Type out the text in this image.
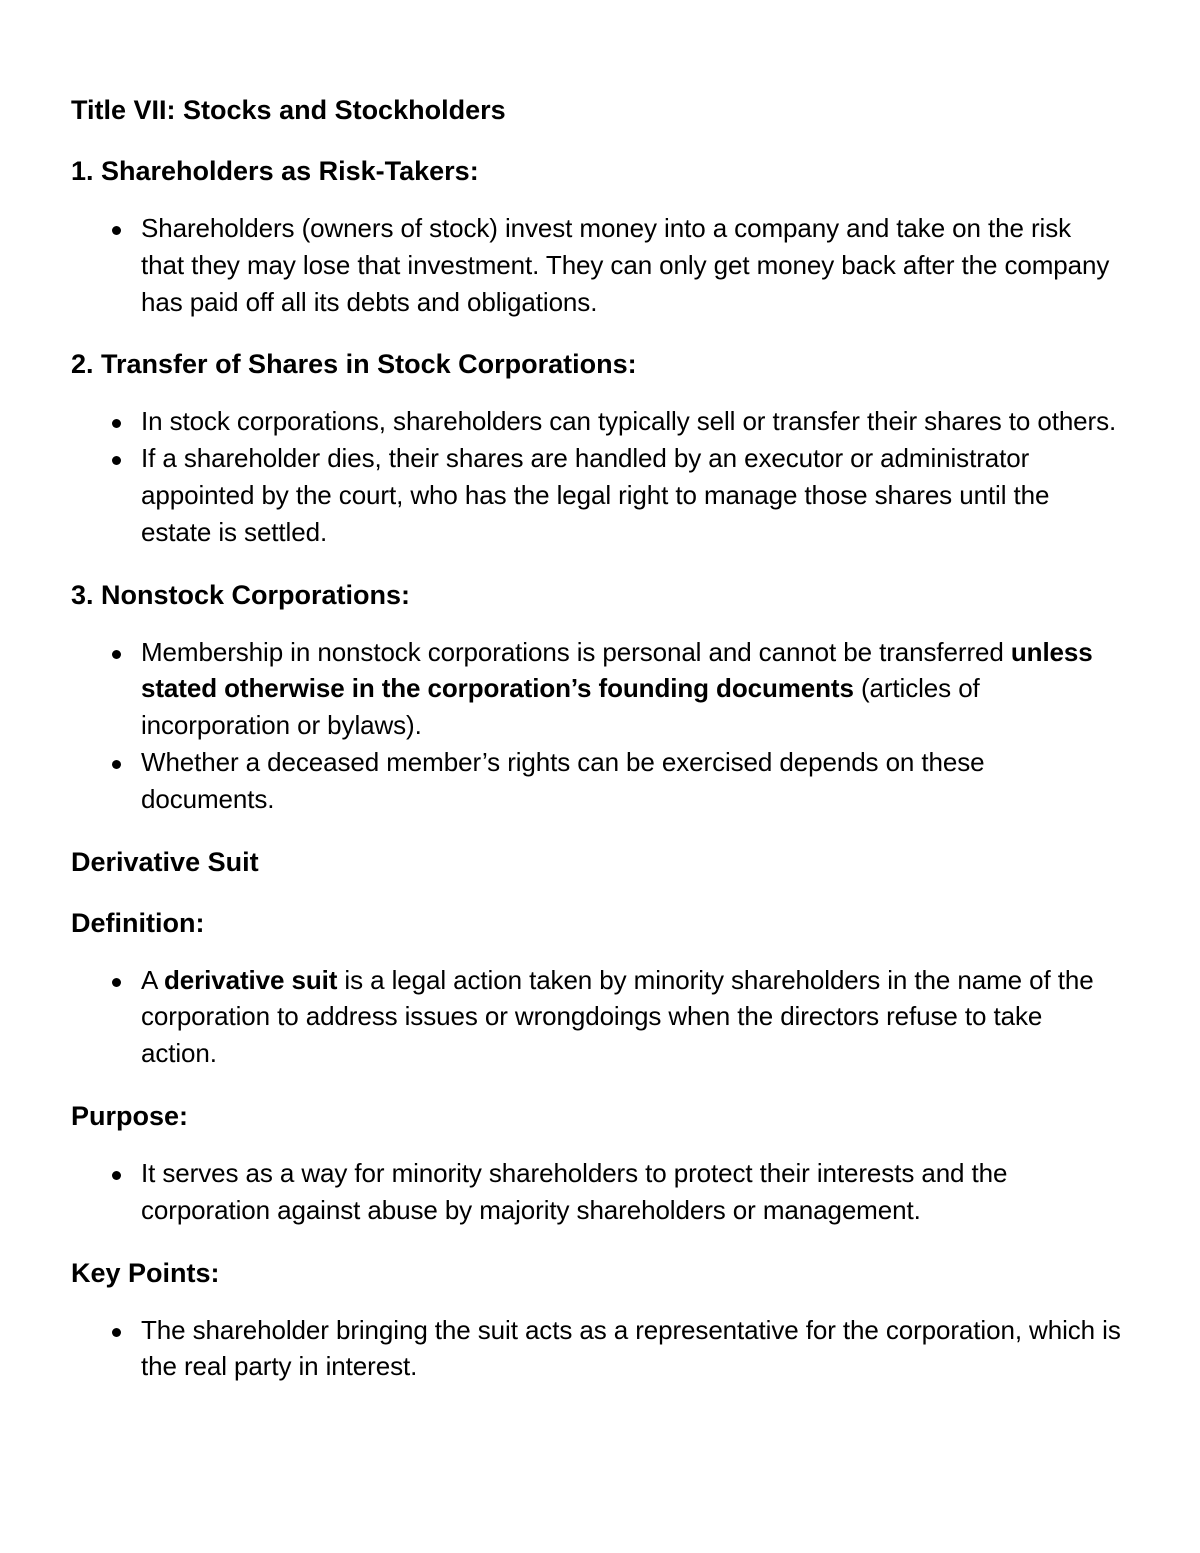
Title VII: Stocks and Stockholders
1. Shareholders as Risk-Takers:
Shareholders (owners of stock) invest money into a company and take on the risk that they may lose that investment. They can only get money back after the company has paid off all its debts and obligations.
2. Transfer of Shares in Stock Corporations:
In stock corporations, shareholders can typically sell or transfer their shares to others.
If a shareholder dies, their shares are handled by an executor or administrator appointed by the court, who has the legal right to manage those shares until the estate is settled.
3. Nonstock Corporations:
Membership in nonstock corporations is personal and cannot be transferred unless stated otherwise in the corporation’s founding documents (articles of incorporation or bylaws).
Whether a deceased member’s rights can be exercised depends on these documents.
Derivative Suit
Definition:
A derivative suit is a legal action taken by minority shareholders in the name of the corporation to address issues or wrongdoings when the directors refuse to take action.
Purpose:
It serves as a way for minority shareholders to protect their interests and the corporation against abuse by majority shareholders or management.
Key Points:
The shareholder bringing the suit acts as a representative for the corporation, which is the real party in interest.
